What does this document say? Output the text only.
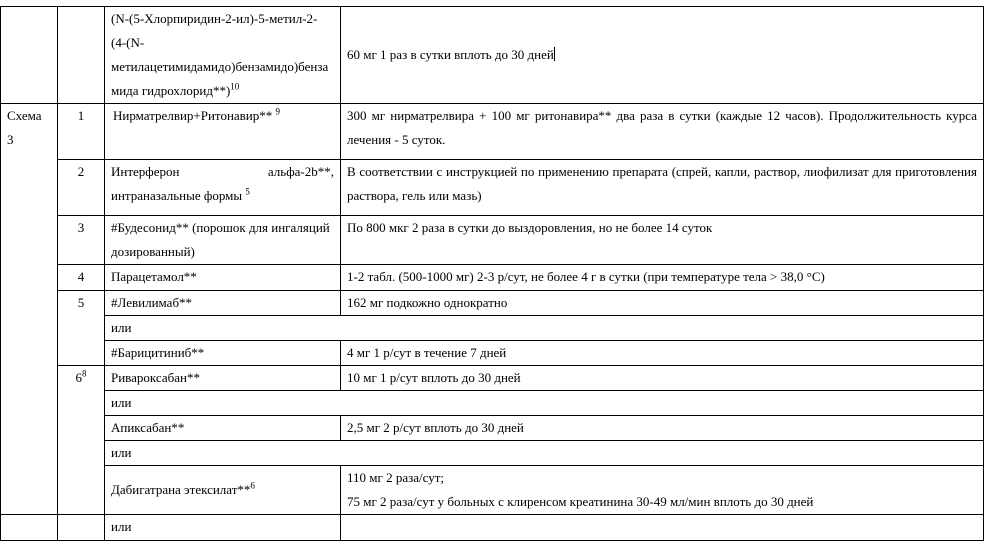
		(N-(5-Хлорпиридин-2-ил)-5-метил-2-
(4-(N-
метилацетимидамидо)бензамидо)бенза
мида гидрохлорид**)$^{10}$	60 мг 1 раз в сутки вплоть до 30 дней
Схема 3	1	Нирматрелвир+Ритонавир** $^9$	300 мг нирматрелвира + 100 мг ритонавира** два раза в сутки (каждые 12 часов). Продолжительность курса лечения - 5 суток.
	2	Интерферон альфа-2b**,
интраназальные формы $^5$	В соответствии с инструкцией по применению препарата (спрей, капли, раствор, лиофилизат для приготовления раствора, гель или мазь)
	3	#Будесонид** (порошок для ингаляций дозированный)	По 800 мкг 2 раза в сутки до выздоровления, но не более 14 суток
	4	Парацетамол**	1-2 табл. (500-1000 мг) 2-3 р/сут, не более 4 г в сутки (при температуре тела > 38,0 °C)
	5	#Левилимаб**	162 мг подкожно однократно
		или	
		#Барицитиниб**	4 мг 1 р/сут в течение 7 дней
	$6^8$	Ривароксабан**	10 мг 1 р/сут вплоть до 30 дней
		или	
		Апиксабан**	2,5 мг 2 р/сут вплоть до 30 дней
		или	
		Дабигатрана этексилат**$^6$	110 мг 2 раза/сут;
75 мг 2 раза/сут у больных с клиренсом креатинина 30-49 мл/мин вплоть до 30 дней

		или	
